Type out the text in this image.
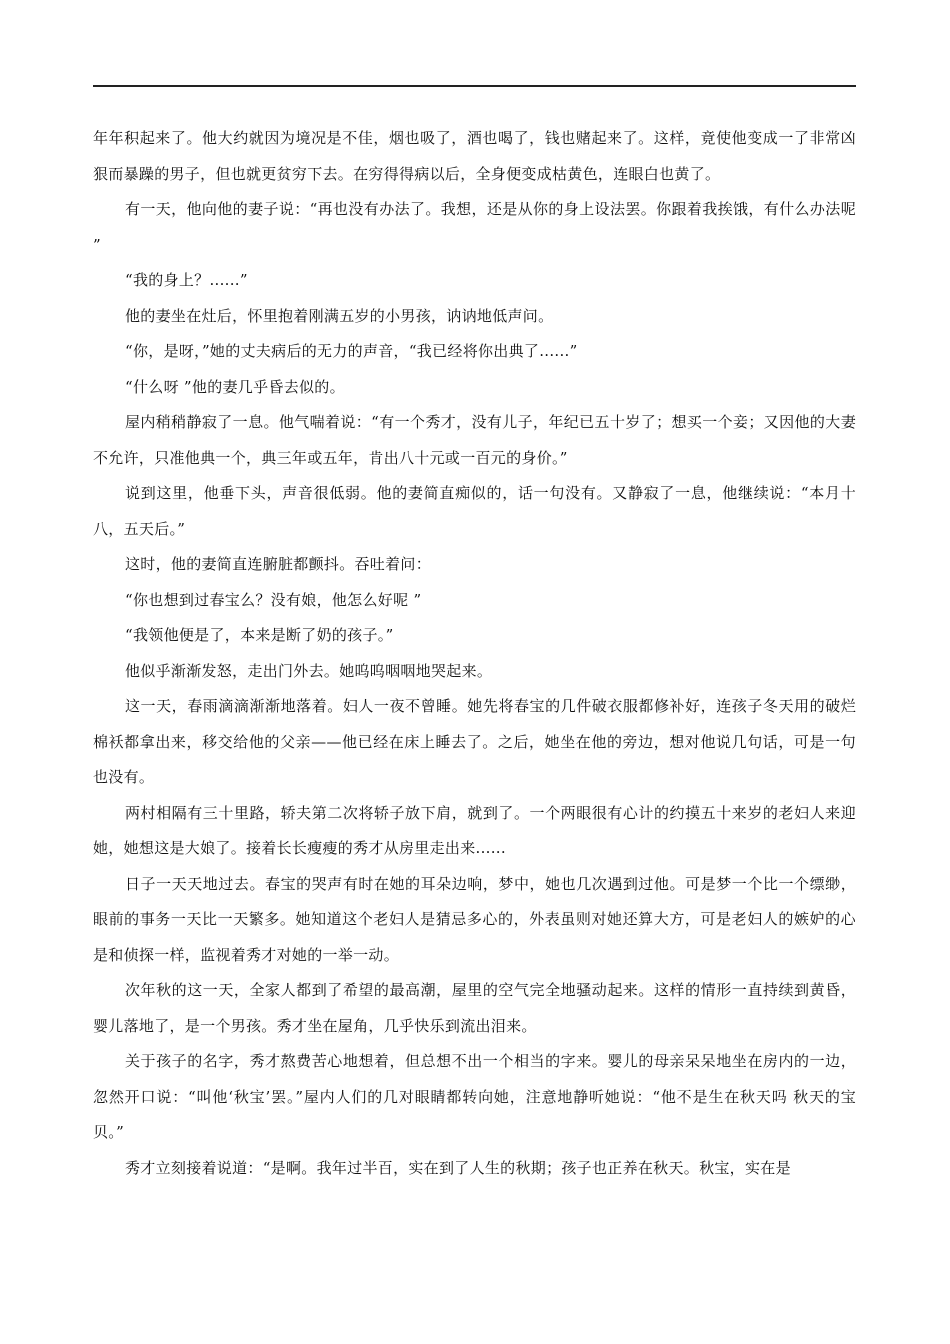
年年积起来了。他大约就因为境况是不佳，烟也吸了，酒也喝了，钱也赌起来了。这样，竟使他变成一了非常凶狠而暴躁的男子，但也就更贫穷下去。在穷得得病以后，全身便变成枯黄色，连眼白也黄了。

有一天，他向他的妻子说：“再也没有办法了。我想，还是从你的身上设法罢。你跟着我挨饿，有什么办法呢 ”

“我的身上？......”

他的妻坐在灶后，怀里抱着刚满五岁的小男孩，讷讷地低声问。

“你，是呀，”她的丈夫病后的无力的声音，“我已经将你出典了......”

“什么呀 ”他的妻几乎昏去似的。

屋内稍稍静寂了一息。他气喘着说：“有一个秀才，没有儿子，年纪已五十岁了；想买一个妾；又因他的大妻不允许，只准他典一个，典三年或五年，肯出八十元或一百元的身价。”

说到这里，他垂下头，声音很低弱。他的妻简直痴似的，话一句没有。又静寂了一息，他继续说：“本月十八，五天后。”

这时，他的妻简直连腑脏都颤抖。吞吐着问：

“你也想到过春宝么？没有娘，他怎么好呢 ”

“我领他便是了，本来是断了奶的孩子。”

他似乎渐渐发怒，走出门外去。她呜呜咽咽地哭起来。

这一天，春雨滴滴渐渐地落着。妇人一夜不曾睡。她先将春宝的几件破衣服都修补好，连孩子冬天用的破烂棉袄都拿出来，移交给他的父亲——他已经在床上睡去了。之后，她坐在他的旁边，想对他说几句话，可是一句也没有。

两村相隔有三十里路，轿夫第二次将轿子放下肩，就到了。一个两眼很有心计的约摸五十来岁的老妇人来迎她，她想这是大娘了。接着长长瘦瘦的秀才从房里走出来......

日子一天天地过去。春宝的哭声有时在她的耳朵边响，梦中，她也几次遇到过他。可是梦一个比一个缥缈，眼前的事务一天比一天繁多。她知道这个老妇人是猜忌多心的，外表虽则对她还算大方，可是老妇人的嫉妒的心是和侦探一样，监视着秀才对她的一举一动。

次年秋的这一天，全家人都到了希望的最高潮，屋里的空气完全地骚动起来。这样的情形一直持续到黄昏，婴儿落地了，是一个男孩。秀才坐在屋角，几乎快乐到流出泪来。

关于孩子的名字，秀才熬费苦心地想着，但总想不出一个相当的字来。婴儿的母亲呆呆地坐在房内的一边，忽然开口说：“叫他‘秋宝’罢。”屋内人们的几对眼睛都转向她，注意地静听她说：“他不是生在秋天吗 秋天的宝贝。”

秀才立刻接着说道：“是啊。我年过半百，实在到了人生的秋期；孩子也正养在秋天。秋宝，实在是
